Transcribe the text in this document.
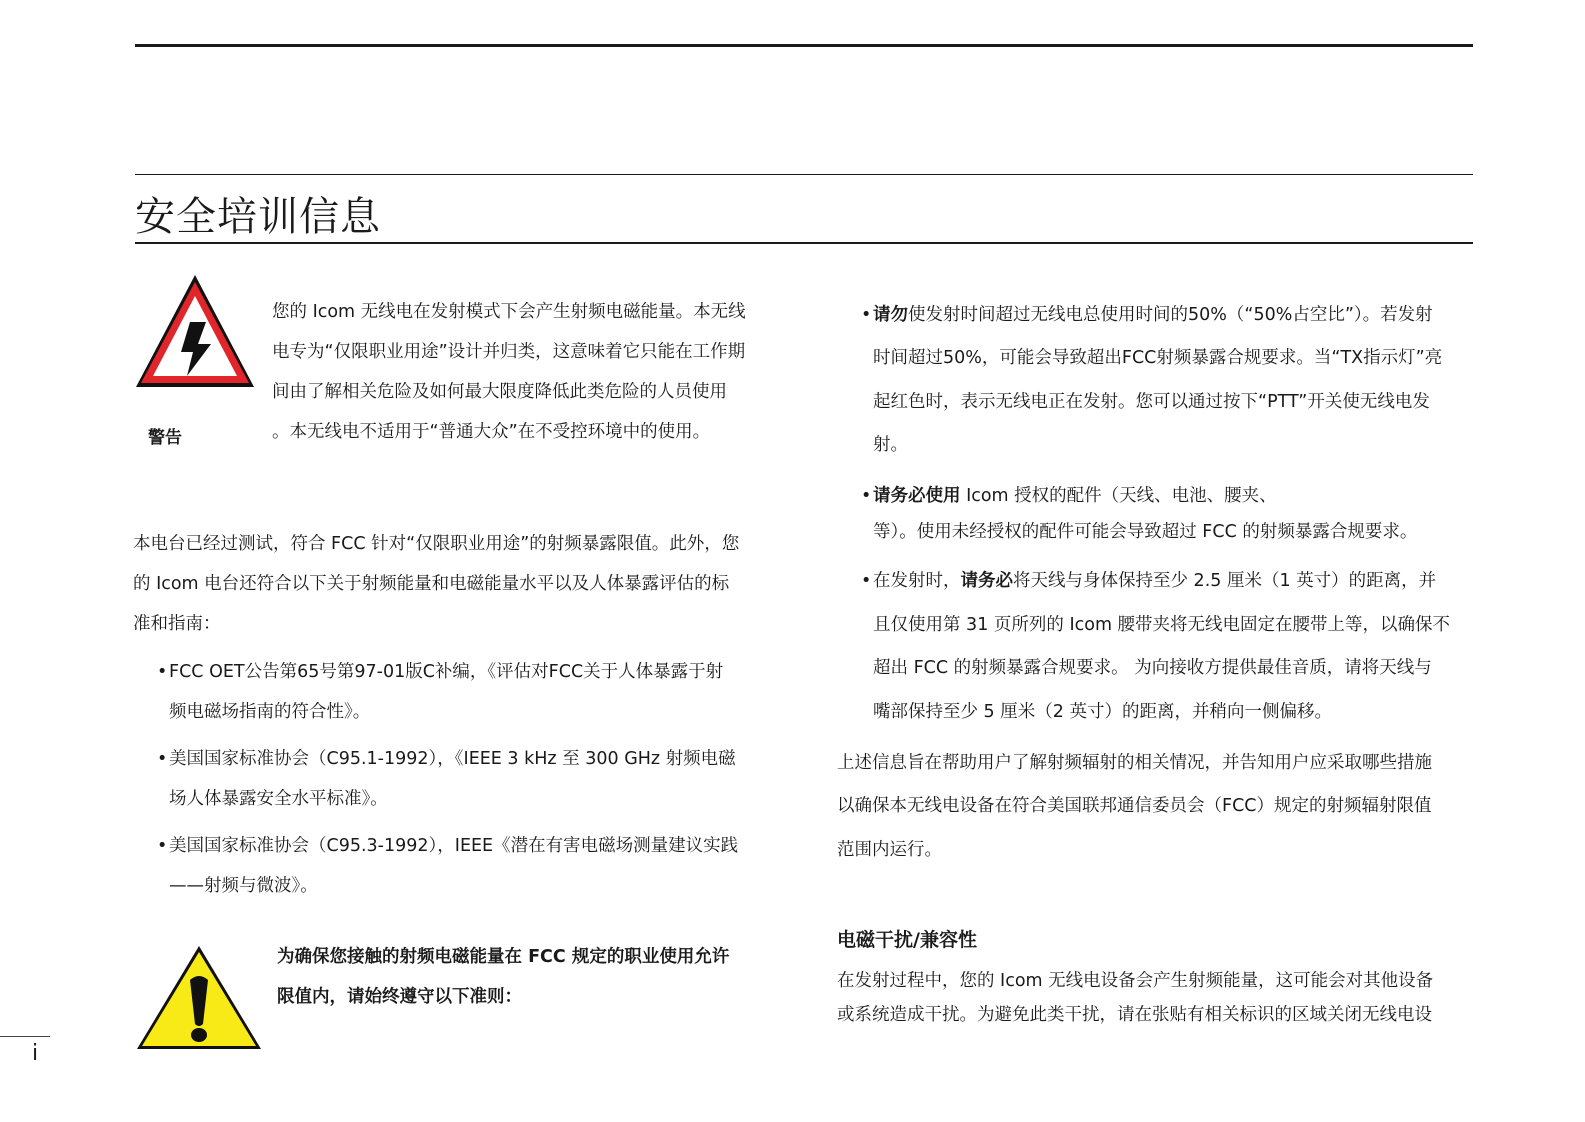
安全培训信息
警告
您的 Icom 无线电在发射模式下会产生射频电磁能量。本无线
电专为“仅限职业用途”设计并归类，这意味着它只能在工作期
间由了解相关危险及如何最大限度降低此类危险的人员使用
。本无线电不适用于“普通大众”在不受控环境中的使用。
本电台已经过测试，符合 FCC 针对“仅限职业用途”的射频暴露限值。此外，您
的 Icom 电台还符合以下关于射频能量和电磁能量水平以及人体暴露评估的标
准和指南：
•FCC OET公告第65号第97-01版C补编，《评估对FCC关于人体暴露于射
频电磁场指南的符合性》。
•美国国家标准协会（C95.1-1992），《IEEE 3 kHz 至 300 GHz 射频电磁
场人体暴露安全水平标准》。
•美国国家标准协会（C95.3-1992），IEEE《潜在有害电磁场测量建议实践
——射频与微波》。
为确保您接触的射频电磁能量在 FCC 规定的职业使用允许
限值内，请始终遵守以下准则：
•请勿使发射时间超过无线电总使用时间的50%（“50%占空比”）。若发射
时间超过50%，可能会导致超出FCC射频暴露合规要求。当“TX指示灯”亮
起红色时，表示无线电正在发射。您可以通过按下“PTT”开关使无线电发
射。
•请务必使用 Icom 授权的配件（天线、电池、腰夹、
等）。使用未经授权的配件可能会导致超过 FCC 的射频暴露合规要求。
•在发射时，请务必将天线与身体保持至少 2.5 厘米（1 英寸）的距离，并
且仅使用第 31 页所列的 Icom 腰带夹将无线电固定在腰带上等，以确保不
超出 FCC 的射频暴露合规要求。 为向接收方提供最佳音质，请将天线与
嘴部保持至少 5 厘米（2 英寸）的距离，并稍向一侧偏移。
上述信息旨在帮助用户了解射频辐射的相关情况，并告知用户应采取哪些措施
以确保本无线电设备在符合美国联邦通信委员会（FCC）规定的射频辐射限值
范围内运行。
电磁干扰/兼容性
在发射过程中，您的 Icom 无线电设备会产生射频能量，这可能会对其他设备
或系统造成干扰。为避免此类干扰，请在张贴有相关标识的区域关闭无线电设
i
